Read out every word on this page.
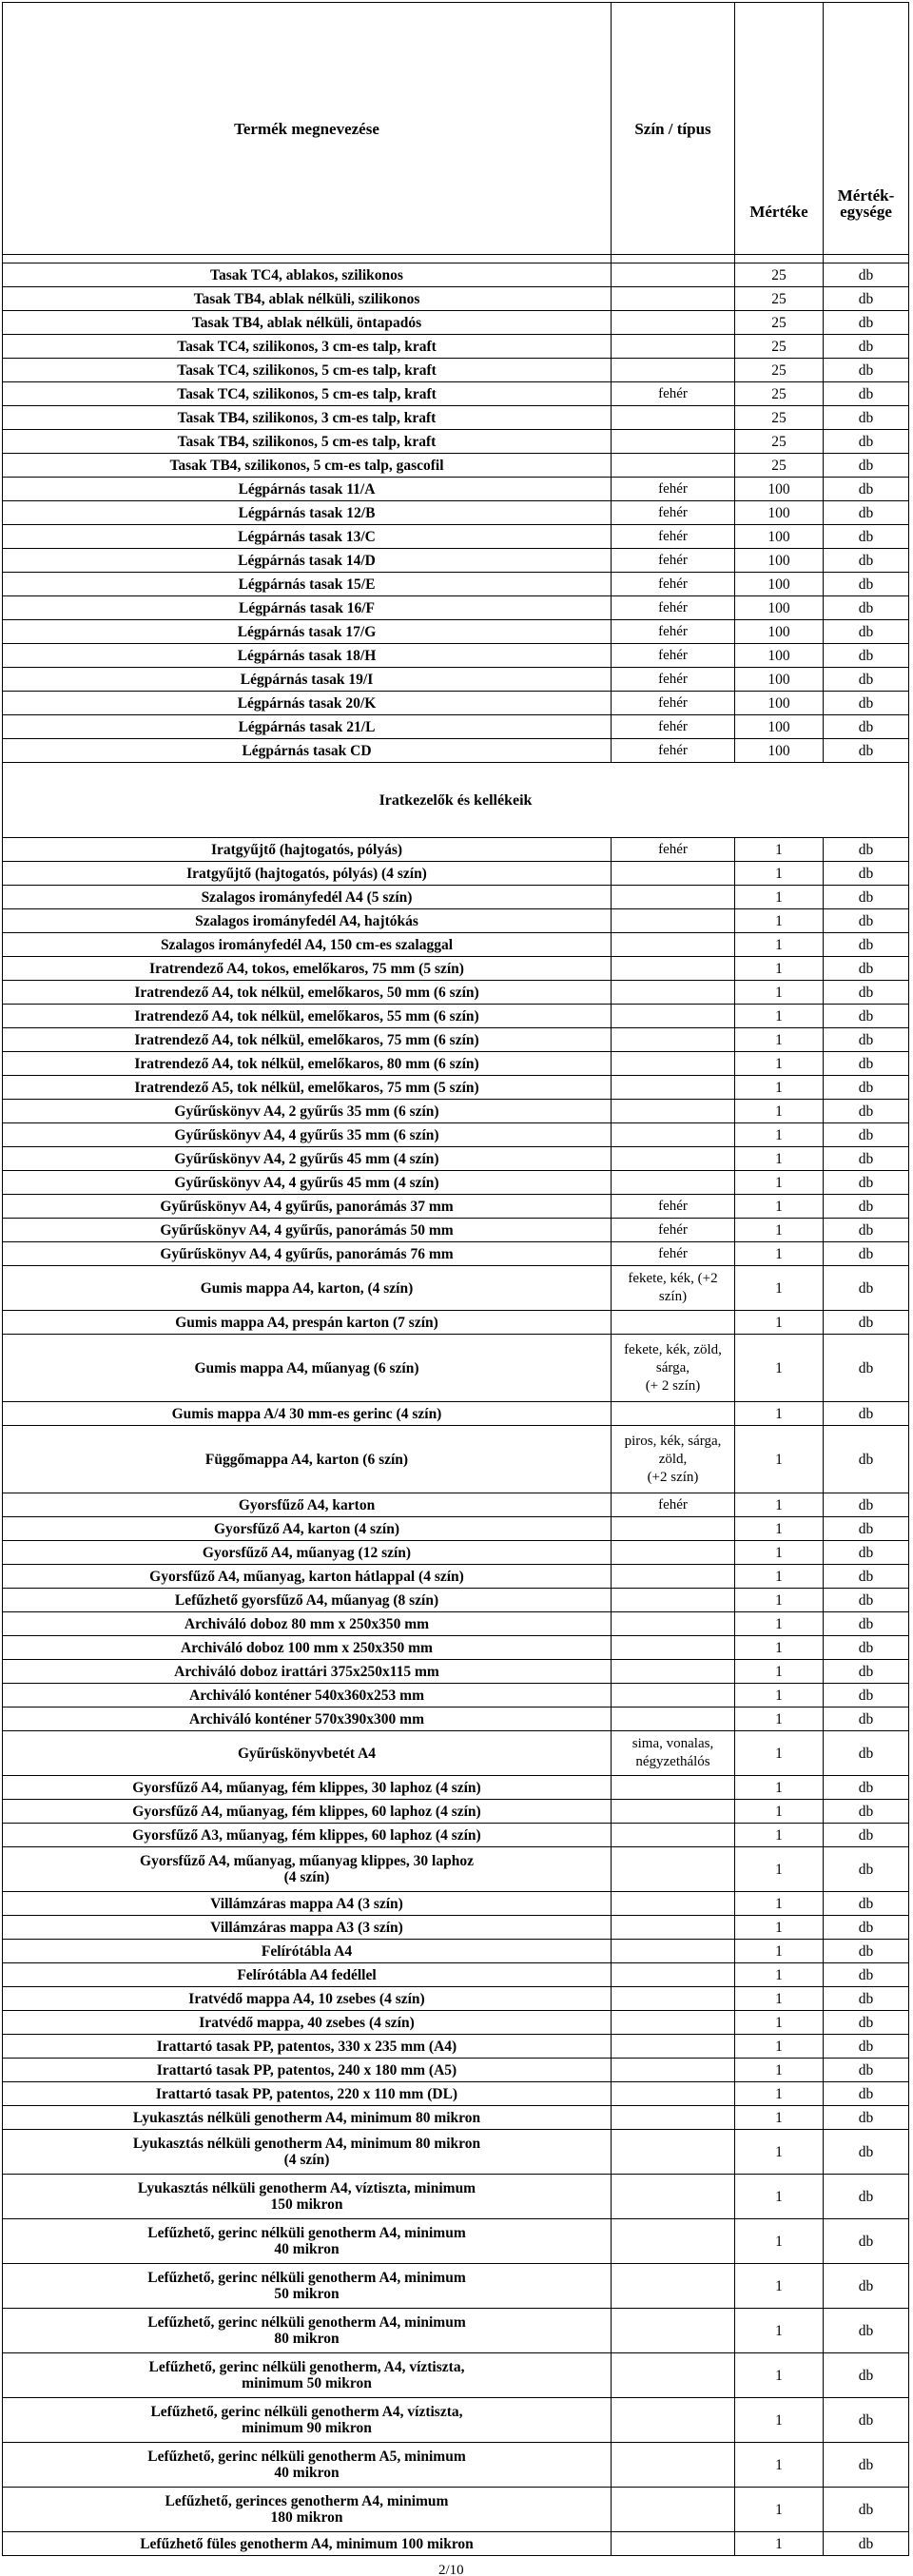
Termék megnevezése	Szín / típus	Mértéke	Mérték-egysége

Tasak TC4, ablakos, szilikonos		25	db
Tasak TB4, ablak nélküli, szilikonos		25	db
Tasak TB4, ablak nélküli, öntapadós		25	db
Tasak TC4, szilikonos, 3 cm-es talp, kraft		25	db
Tasak TC4, szilikonos, 5 cm-es talp, kraft		25	db
Tasak TC4, szilikonos, 5 cm-es talp, kraft	fehér	25	db
Tasak TB4, szilikonos, 3 cm-es talp, kraft		25	db
Tasak TB4, szilikonos, 5 cm-es talp, kraft		25	db
Tasak TB4, szilikonos, 5 cm-es talp, gascofil		25	db
Légpárnás tasak 11/A	fehér	100	db
Légpárnás tasak 12/B	fehér	100	db
Légpárnás tasak 13/C	fehér	100	db
Légpárnás tasak 14/D	fehér	100	db
Légpárnás tasak 15/E	fehér	100	db
Légpárnás tasak 16/F	fehér	100	db
Légpárnás tasak 17/G	fehér	100	db
Légpárnás tasak 18/H	fehér	100	db
Légpárnás tasak 19/I	fehér	100	db
Légpárnás tasak 20/K	fehér	100	db
Légpárnás tasak 21/L	fehér	100	db
Légpárnás tasak CD	fehér	100	db
Iratkezelők és kellékeik			
Iratgyűjtő (hajtogatós, pólyás)	fehér	1	db
Iratgyűjtő (hajtogatós, pólyás) (4 szín)		1	db
Szalagos irományfedél A4 (5 szín)		1	db
Szalagos irományfedél A4, hajtókás		1	db
Szalagos irományfedél A4, 150 cm-es szalaggal		1	db
Iratrendező A4, tokos, emelőkaros, 75 mm (5 szín)		1	db
Iratrendező A4, tok nélkül, emelőkaros, 50 mm (6 szín)		1	db
Iratrendező A4, tok nélkül, emelőkaros, 55 mm (6 szín)		1	db
Iratrendező A4, tok nélkül, emelőkaros, 75 mm (6 szín)		1	db
Iratrendező A4, tok nélkül, emelőkaros, 80 mm (6 szín)		1	db
Iratrendező A5, tok nélkül, emelőkaros, 75 mm (5 szín)		1	db
Gyűrűskönyv A4, 2 gyűrűs 35 mm (6 szín)		1	db
Gyűrűskönyv A4, 4 gyűrűs 35 mm (6 szín)		1	db
Gyűrűskönyv A4, 2 gyűrűs 45 mm (4 szín)		1	db
Gyűrűskönyv A4, 4 gyűrűs 45 mm (4 szín)		1	db
Gyűrűskönyv A4, 4 gyűrűs, panorámás 37 mm	fehér	1	db
Gyűrűskönyv A4, 4 gyűrűs, panorámás 50 mm	fehér	1	db
Gyűrűskönyv A4, 4 gyűrűs, panorámás 76 mm	fehér	1	db
Gumis mappa A4, karton, (4 szín)	fekete, kék, (+2
szín)	1	db
Gumis mappa A4, prespán karton (7 szín)		1	db
Gumis mappa A4, műanyag (6 szín)	fekete, kék, zöld,
sárga,
(+ 2 szín)	1	db
Gumis mappa A/4 30 mm-es gerinc (4 szín)		1	db
Függőmappa A4, karton (6 szín)	piros, kék, sárga,
zöld,
(+2 szín)	1	db
Gyorsfűző A4, karton	fehér	1	db
Gyorsfűző A4, karton (4 szín)		1	db
Gyorsfűző A4, műanyag (12 szín)		1	db
Gyorsfűző A4, műanyag, karton hátlappal (4 szín)		1	db
Lefűzhető gyorsfűző A4, műanyag (8 szín)		1	db
Archiváló doboz 80 mm x 250x350 mm		1	db
Archiváló doboz 100 mm x 250x350 mm		1	db
Archiváló doboz irattári 375x250x115 mm		1	db
Archiváló konténer 540x360x253 mm		1	db
Archiváló konténer 570x390x300 mm		1	db
Gyűrűskönyvbetét A4	sima, vonalas,
négyzethálós	1	db
Gyorsfűző A4, műanyag, fém klippes, 30 laphoz (4 szín)		1	db
Gyorsfűző A4, műanyag, fém klippes, 60 laphoz (4 szín)		1	db
Gyorsfűző A3, műanyag, fém klippes, 60 laphoz (4 szín)		1	db
Gyorsfűző A4, műanyag, műanyag klippes, 30 laphoz
(4 szín)		1	db
Villámzáras mappa A4 (3 szín)		1	db
Villámzáras mappa A3 (3 szín)		1	db
Felírótábla A4		1	db
Felírótábla A4 fedéllel		1	db
Iratvédő mappa A4, 10 zsebes (4 szín)		1	db
Iratvédő mappa, 40 zsebes (4 szín)		1	db
Irattartó tasak PP, patentos, 330 x 235 mm (A4)		1	db
Irattartó tasak PP, patentos, 240 x 180 mm (A5)		1	db
Irattartó tasak PP, patentos, 220 x 110 mm (DL)		1	db
Lyukasztás nélküli genotherm A4, minimum 80 mikron		1	db
Lyukasztás nélküli genotherm A4, minimum 80 mikron
(4 szín)		1	db
Lyukasztás nélküli genotherm A4, víztiszta, minimum
150 mikron		1	db
Lefűzhető, gerinc nélküli genotherm A4, minimum
40 mikron		1	db
Lefűzhető, gerinc nélküli genotherm A4, minimum
50 mikron		1	db
Lefűzhető, gerinc nélküli genotherm A4, minimum
80 mikron		1	db
Lefűzhető, gerinc nélküli genotherm, A4, víztiszta,
minimum 50 mikron		1	db
Lefűzhető, gerinc nélküli genotherm A4, víztiszta,
minimum 90 mikron		1	db
Lefűzhető, gerinc nélküli genotherm A5, minimum
40 mikron		1	db
Lefűzhető, gerinces genotherm A4, minimum
180 mikron		1	db
Lefűzhető füles genotherm A4, minimum 100 mikron		1	db
2/10
